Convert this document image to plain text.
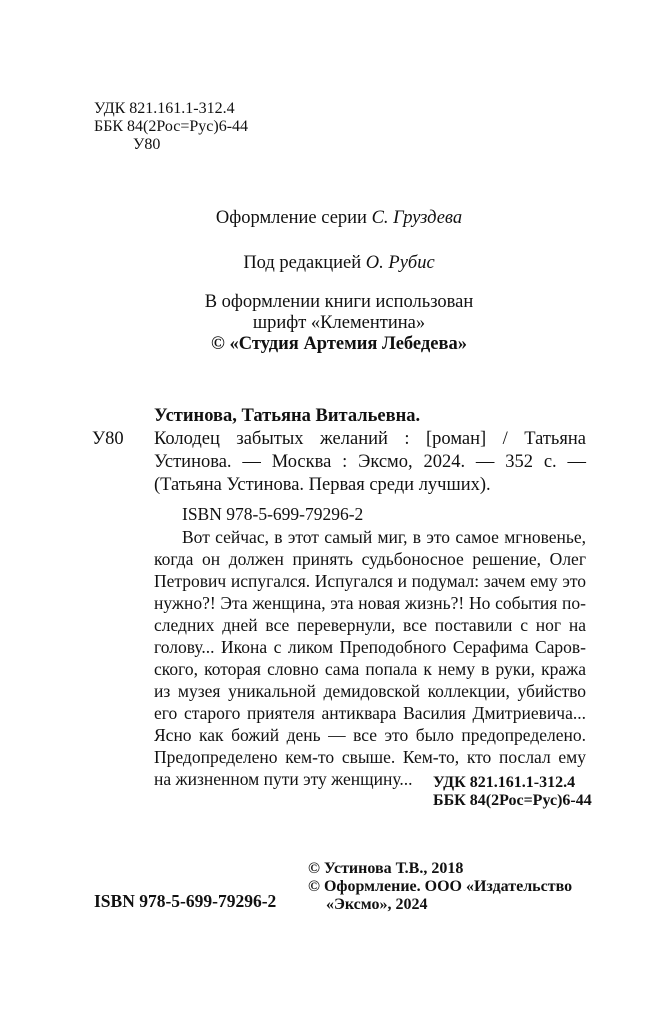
УДК 821.161.1-312.4
ББК 84(2Рос=Рус)6-44
У80
Оформление серии С. Груздева
Под редакцией О. Рубис
В оформлении книги использован
шрифт «Клементина»
© «Студия Артемия Лебедева»
Устинова, Татьяна Витальевна.
У80 Колодец забытых желаний : [роман] / Татьяна
Устинова. — Москва : Эксмо, 2024. — 352 с. —
(Татьяна Устинова. Первая среди лучших).
ISBN 978-5-699-79296-2
Вот сейчас, в этот самый миг, в это самое мгновенье,
когда он должен принять судьбоносное решение, Олег
Петрович испугался. Испугался и подумал: зачем ему это
нужно?! Эта женщина, эта новая жизнь?! Но события по-
следних дней все перевернули, все поставили с ног на
голову... Икона с ликом Преподобного Серафима Саров-
ского, которая словно сама попала к нему в руки, кража
из музея уникальной демидовской коллекции, убийство
его старого приятеля антиквара Василия Дмитриевича...
Ясно как божий день — все это было предопределено.
Предопределено кем-то свыше. Кем-то, кто послал ему
на жизненном пути эту женщину... УДК 821.161.1-312.4
ББК 84(2Рос=Рус)6-44
© Устинова Т.В., 2018
© Оформление. ООО «Издательство
«Эксмо», 2024
ISBN 978-5-699-79296-2
